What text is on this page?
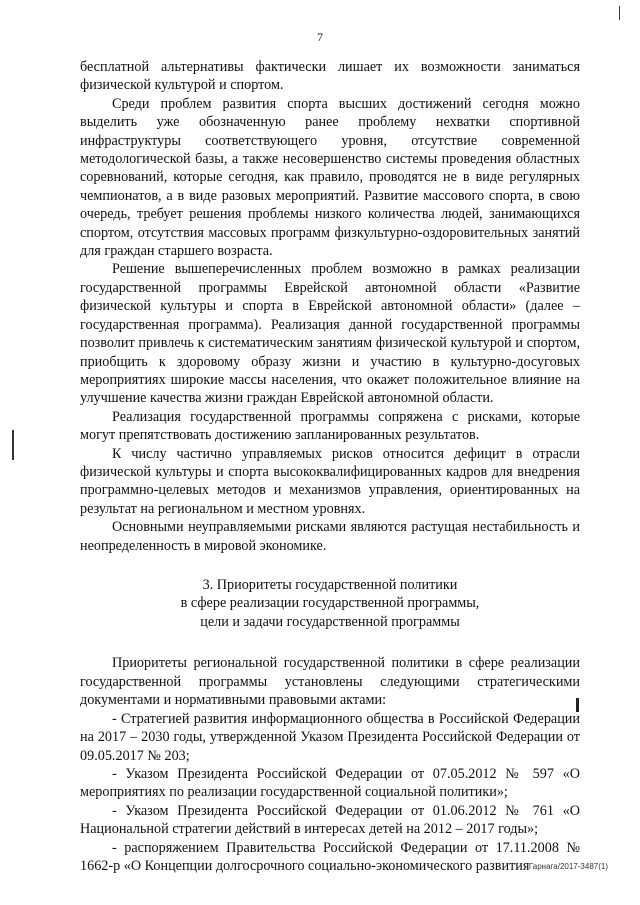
7

бесплатной альтернативы фактически лишает их возможности заниматься физической культурой и спортом.

Среди проблем развития спорта высших достижений сегодня можно выделить уже обозначенную ранее проблему нехватки спортивной инфраструктуры соответствующего уровня, отсутствие современной методологической базы, а также несовершенство системы проведения областных соревнований, которые сегодня, как правило, проводятся не в виде регулярных чемпионатов, а в виде разовых мероприятий. Развитие массового спорта, в свою очередь, требует решения проблемы низкого количества людей, занимающихся спортом, отсутствия массовых программ физкультурно-оздоровительных занятий для граждан старшего возраста.

Решение вышеперечисленных проблем возможно в рамках реализации государственной программы Еврейской автономной области «Развитие физической культуры и спорта в Еврейской автономной области» (далее – государственная программа). Реализация данной государственной программы позволит привлечь к систематическим занятиям физической культурой и спортом, приобщить к здоровому образу жизни и участию в культурно-досуговых мероприятиях широкие массы населения, что окажет положительное влияние на улучшение качества жизни граждан Еврейской автономной области.

Реализация государственной программы сопряжена с рисками, которые могут препятствовать достижению запланированных результатов.

К числу частично управляемых рисков относится дефицит в отрасли физической культуры и спорта высококвалифицированных кадров для внедрения программно-целевых методов и механизмов управления, ориентированных на результат на региональном и местном уровнях.

Основными неуправляемыми рисками являются растущая нестабильность и неопределенность в мировой экономике.

3. Приоритеты государственной политики
в сфере реализации государственной программы,
цели и задачи государственной программы

Приоритеты региональной государственной политики в сфере реализации государственной программы установлены следующими стратегическими документами и нормативными правовыми актами:

- Стратегией развития информационного общества в Российской Федерации на 2017 – 2030 годы, утвержденной Указом Президента Российской Федерации от 09.05.2017 № 203;

- Указом Президента Российской Федерации от 07.05.2012 № 597 «О мероприятиях по реализации государственной социальной политики»;

- Указом Президента Российской Федерации от 01.06.2012 № 761 «О Национальной стратегии действий в интересах детей на 2012 – 2017 годы»;

- распоряжением Правительства Российской Федерации от 17.11.2008 № 1662-р «О Концепции долгосрочного социально-экономического развития Гарнага/2017-3487(1)
